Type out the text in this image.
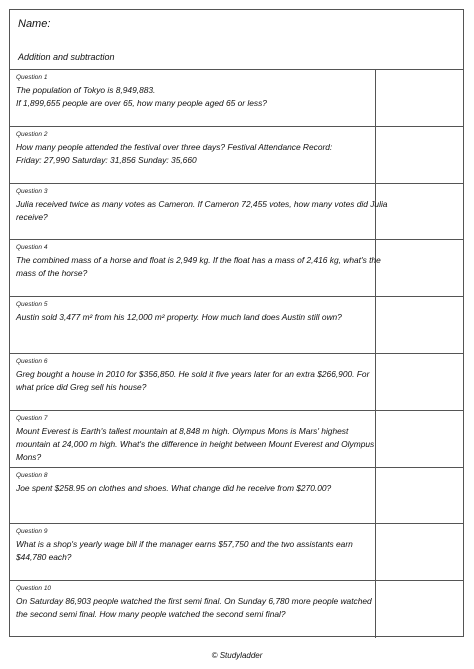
Name:
Addition and subtraction
Question 1
The population of Tokyo is 8,949,883.
If 1,899,655 people are over 65, how many people aged 65 or less?
Question 2
How many people attended the festival over three days? Festival Attendance Record:
Friday: 27,990 Saturday: 31,856 Sunday: 35,660
Question 3
Julia received twice as many votes as Cameron. If Cameron 72,455 votes, how many votes did Julia
receive?
Question 4
The combined mass of a horse and float is 2,949 kg. If the float has a mass of 2,416 kg, what's the
mass of the horse?
Question 5
Austin sold 3,477 m² from his 12,000 m² property. How much land does Austin still own?
Question 6
Greg bought a house in 2010 for $356,850. He sold it five years later for an extra $266,900. For
what price did Greg sell his house?
Question 7
Mount Everest is Earth's tallest mountain at 8,848 m high. Olympus Mons is Mars' highest
mountain at 24,000 m high. What's the difference in height between Mount Everest and Olympus
Mons?
Question 8
Joe spent $258.95 on clothes and shoes. What change did he receive from $270.00?
Question 9
What is a shop's yearly wage bill if the manager earns $57,750 and the two assistants earn
$44,780 each?
Question 10
On Saturday 86,903 people watched the first semi final. On Sunday 6,780 more people watched
the second semi final. How many people watched the second semi final?
© Studyladder
